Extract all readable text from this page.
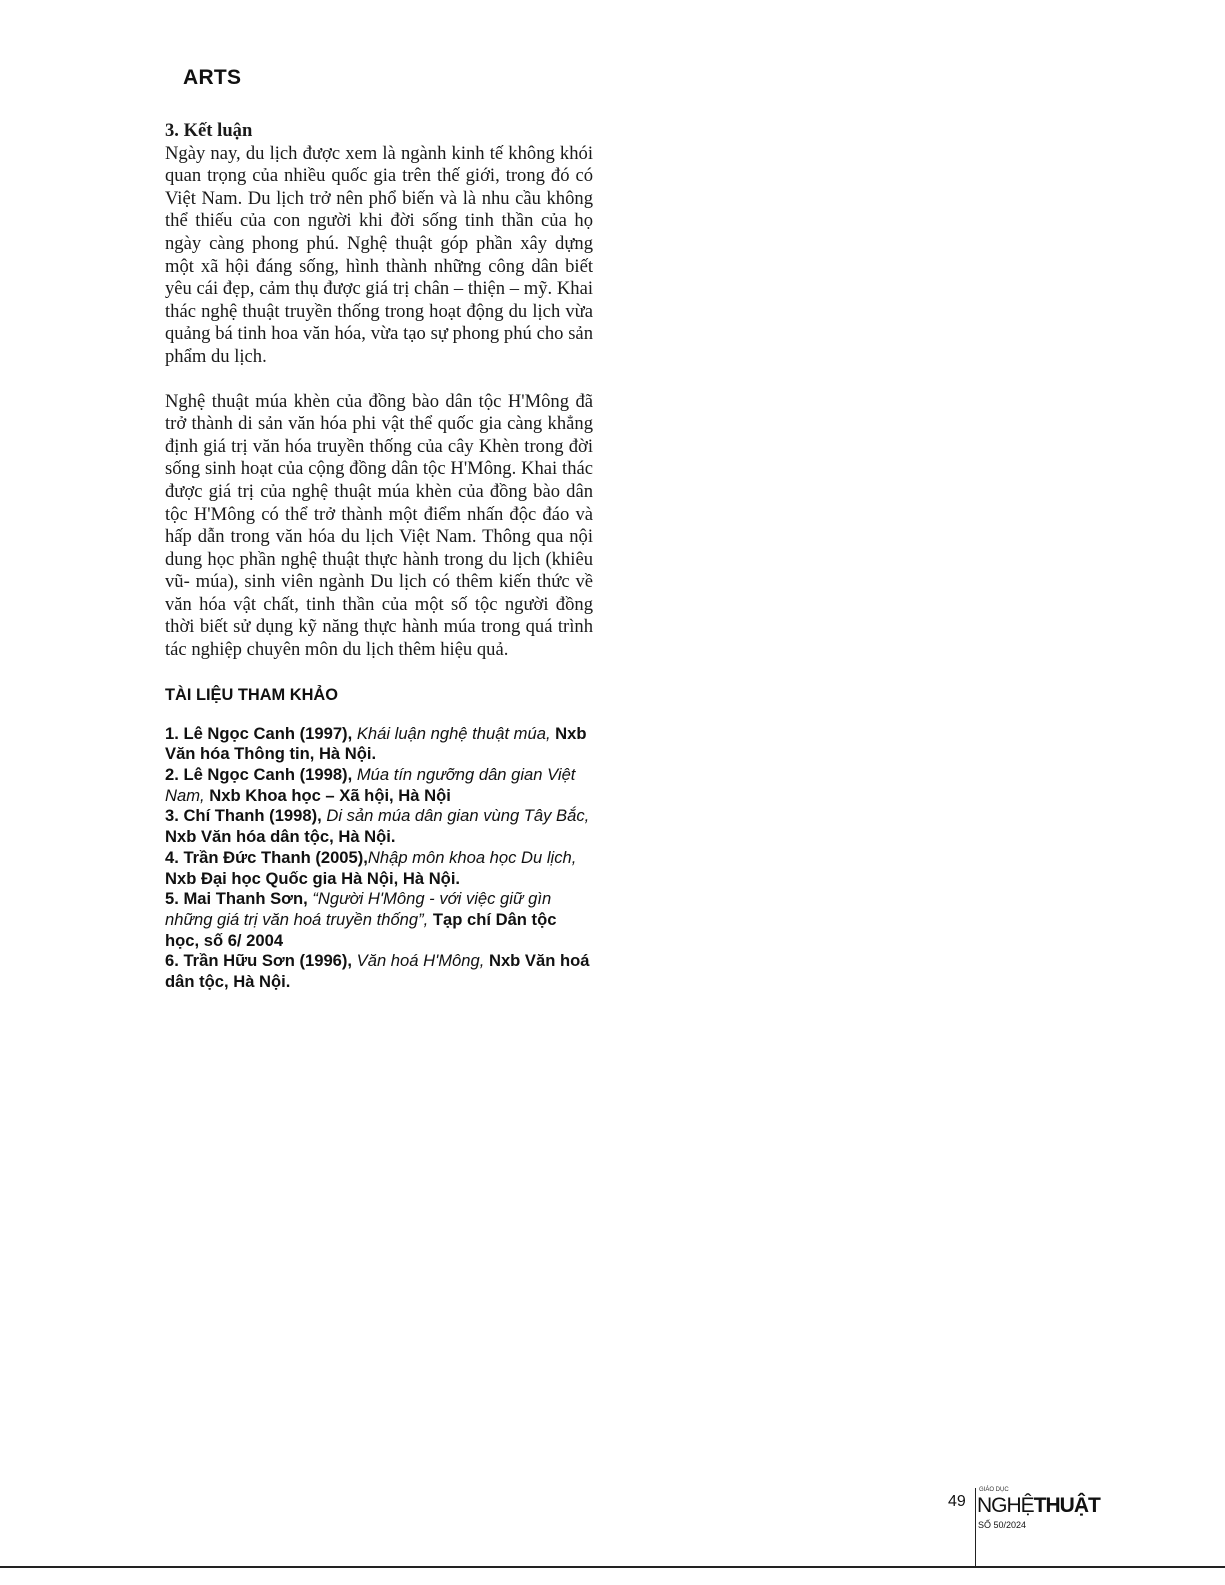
ARTS

3. Kết luận

Ngày nay, du lịch được xem là ngành kinh tế không khói quan trọng của nhiều quốc gia trên thế giới, trong đó có Việt Nam. Du lịch trở nên phổ biến và là nhu cầu không thể thiếu của con người khi đời sống tinh thần của họ ngày càng phong phú. Nghệ thuật góp phần xây dựng một xã hội đáng sống, hình thành những công dân biết yêu cái đẹp, cảm thụ được giá trị chân – thiện – mỹ. Khai thác nghệ thuật truyền thống trong hoạt động du lịch vừa quảng bá tinh hoa văn hóa, vừa tạo sự phong phú cho sản phẩm du lịch.

Nghệ thuật múa khèn của đồng bào dân tộc H'Mông đã trở thành di sản văn hóa phi vật thể quốc gia càng khẳng định giá trị văn hóa truyền thống của cây Khèn trong đời sống sinh hoạt của cộng đồng dân tộc H'Mông. Khai thác được giá trị của nghệ thuật múa khèn của đồng bào dân tộc H'Mông có thể trở thành một điểm nhấn độc đáo và hấp dẫn trong văn hóa du lịch Việt Nam. Thông qua nội dung học phần nghệ thuật thực hành trong du lịch (khiêu vũ- múa), sinh viên ngành Du lịch có thêm kiến thức về văn hóa vật chất, tinh thần của một số tộc người đồng thời biết sử dụng kỹ năng thực hành múa trong quá trình tác nghiệp chuyên môn du lịch thêm hiệu quả.

TÀI LIỆU THAM KHẢO

1. Lê Ngọc Canh (1997), Khái luận nghệ thuật múa, Nxb Văn hóa Thông tin, Hà Nội.

2. Lê Ngọc Canh (1998), Múa tín ngưỡng dân gian Việt Nam, Nxb Khoa học – Xã hội, Hà Nội

3. Chí Thanh (1998), Di sản múa dân gian vùng Tây Bắc, Nxb Văn hóa dân tộc, Hà Nội.

4. Trần Đức Thanh (2005),Nhập môn khoa học Du lịch, Nxb Đại học Quốc gia Hà Nội, Hà Nội.

5. Mai Thanh Sơn, “Người H'Mông - với việc giữ gìn những giá trị văn hoá truyền thống”, Tạp chí Dân tộc học, số 6/ 2004

6. Trần Hữu Sơn (1996), Văn hoá H'Mông, Nxb Văn hoá dân tộc, Hà Nội.

49
GIÁO DỤC
NGHỆTHUẬT
SỐ 50/2024
